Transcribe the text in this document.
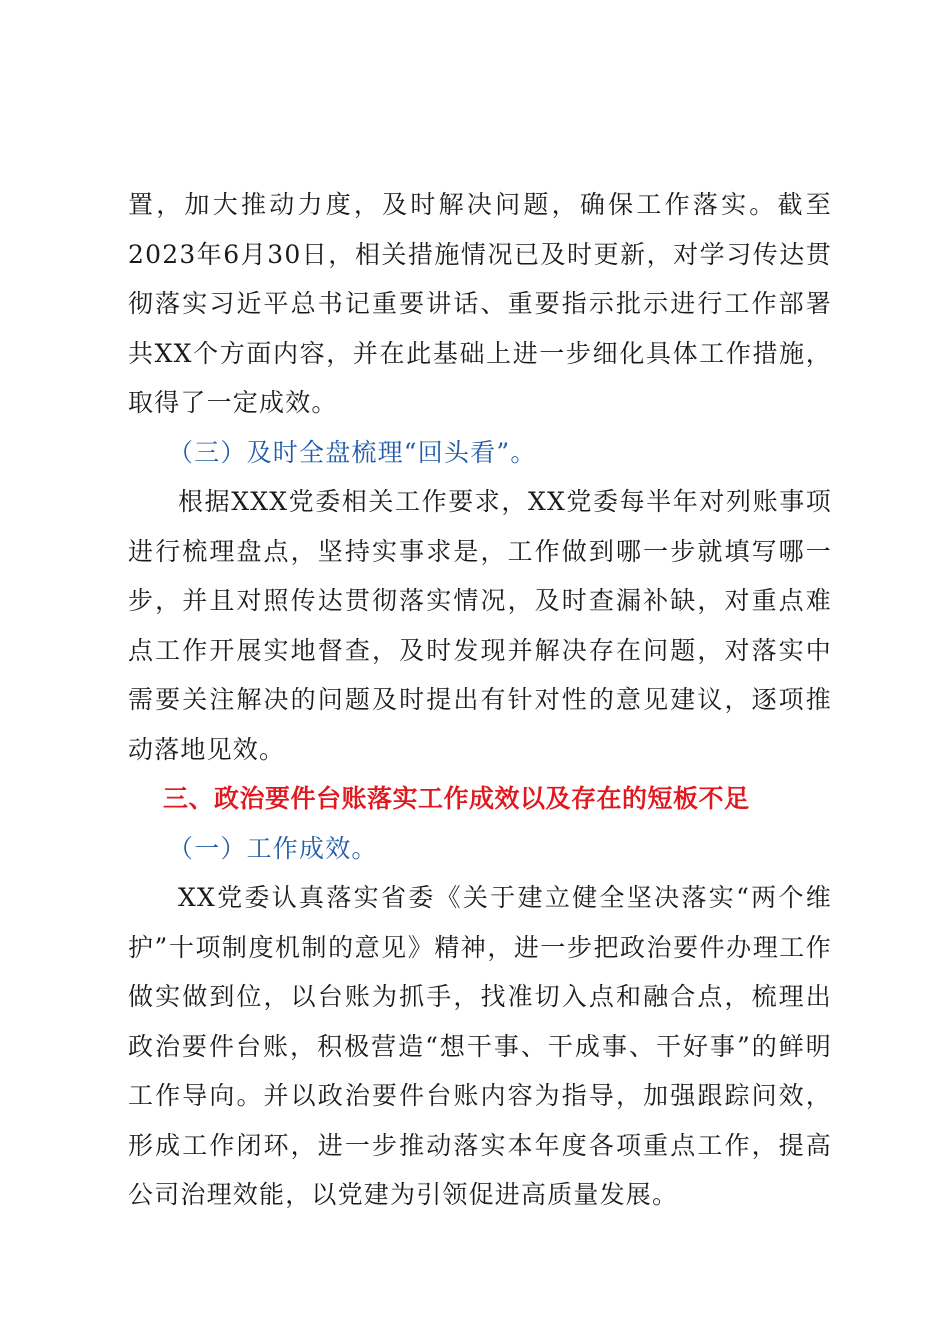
置，加大推动力度，及时解决问题，确保工作落实。截至2023年6月30日，相关措施情况已及时更新，对学习传达贯彻落实习近平总书记重要讲话、重要指示批示进行工作部署共XX个方面内容，并在此基础上进一步细化具体工作措施，取得了一定成效。

（三）及时全盘梳理“回头看”。

根据XXX党委相关工作要求，XX党委每半年对列账事项进行梳理盘点，坚持实事求是，工作做到哪一步就填写哪一步，并且对照传达贯彻落实情况，及时查漏补缺，对重点难点工作开展实地督查，及时发现并解决存在问题，对落实中需要关注解决的问题及时提出有针对性的意见建议，逐项推动落地见效。

三、政治要件台账落实工作成效以及存在的短板不足

（一）工作成效。

XX党委认真落实省委《关于建立健全坚决落实“两个维护”十项制度机制的意见》精神，进一步把政治要件办理工作做实做到位，以台账为抓手，找准切入点和融合点，梳理出政治要件台账，积极营造“想干事、干成事、干好事”的鲜明工作导向。并以政治要件台账内容为指导，加强跟踪问效，形成工作闭环，进一步推动落实本年度各项重点工作，提高公司治理效能，以党建为引领促进高质量发展。
